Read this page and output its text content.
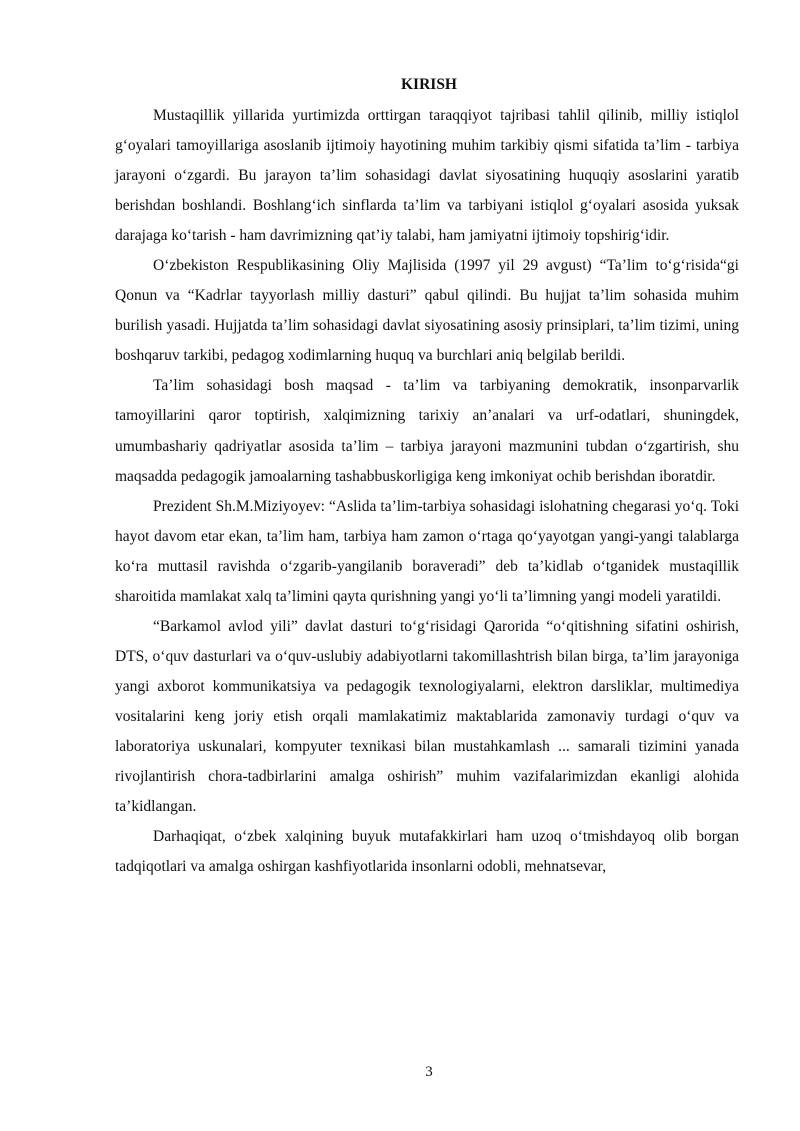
KIRISH

Mustaqillik yillarida yurtimizda orttirgan taraqqiyot tajribasi tahlil qilinib, milliy istiqlol g‘oyalari tamoyillariga asoslanib ijtimoiy hayotining muhim tarkibiy qismi sifatida ta’lim - tarbiya jarayoni o‘zgardi. Bu jarayon ta’lim sohasidagi davlat siyosatining huquqiy asoslarini yaratib berishdan boshlandi. Boshlang‘ich sinflarda ta’lim va tarbiyani istiqlol g‘oyalari asosida yuksak darajaga ko‘tarish - ham davrimizning qat’iy talabi, ham jamiyatni ijtimoiy topshirig‘idir.

O‘zbekiston Respublikasining Oliy Majlisida (1997 yil 29 avgust) “Ta’lim to‘g‘risida“gi Qonun va “Kadrlar tayyorlash milliy dasturi” qabul qilindi. Bu hujjat ta’lim sohasida muhim burilish yasadi. Hujjatda ta’lim sohasidagi davlat siyosatining asosiy prinsiplari, ta’lim tizimi, uning boshqaruv tarkibi, pedagog xodimlarning huquq va burchlari aniq belgilab berildi.

Ta’lim sohasidagi bosh maqsad - ta’lim va tarbiyaning demokratik, insonparvarlik tamoyillarini qaror toptirish, xalqimizning tarixiy an’analari va urf-odatlari, shuningdek, umumbashariy qadriyatlar asosida ta’lim – tarbiya jarayoni mazmunini tubdan o‘zgartirish, shu maqsadda pedagogik jamoalarning tashabbuskorligiga keng imkoniyat ochib berishdan iboratdir.

Prezident Sh.M.Miziyoyev: “Aslida ta’lim-tarbiya sohasidagi islohatning chegarasi yo‘q. Toki hayot davom etar ekan, ta’lim ham, tarbiya ham zamon o‘rtaga qo‘yayotgan yangi-yangi talablarga ko‘ra muttasil ravishda o‘zgarib-yangilanib boraveradi” deb ta’kidlab o‘tganidek mustaqillik sharoitida mamlakat xalq ta’limini qayta qurishning yangi yo‘li ta’limning yangi modeli yaratildi.

“Barkamol avlod yili” davlat dasturi to‘g‘risidagi Qarorida “o‘qitishning sifatini oshirish, DTS, o‘quv dasturlari va o‘quv-uslubiy adabiyotlarni takomillashtrish bilan birga, ta’lim jarayoniga yangi axborot kommunikatsiya va pedagogik texnologiyalarni, elektron darsliklar, multimediya vositalarini keng joriy etish orqali mamlakatimiz maktablarida zamonaviy turdagi o‘quv va laboratoriya uskunalari, kompyuter texnikasi bilan mustahkamlash ... samarali tizimini yanada rivojlantirish chora-tadbirlarini amalga oshirish” muhim vazifalarimizdan ekanligi alohida ta’kidlangan.

Darhaqiqat, o‘zbek xalqining buyuk mutafakkirlari ham uzoq o‘tmishdayoq olib borgan tadqiqotlari va amalga oshirgan kashfiyotlarida insonlarni odobli, mehnatsevar,

3
